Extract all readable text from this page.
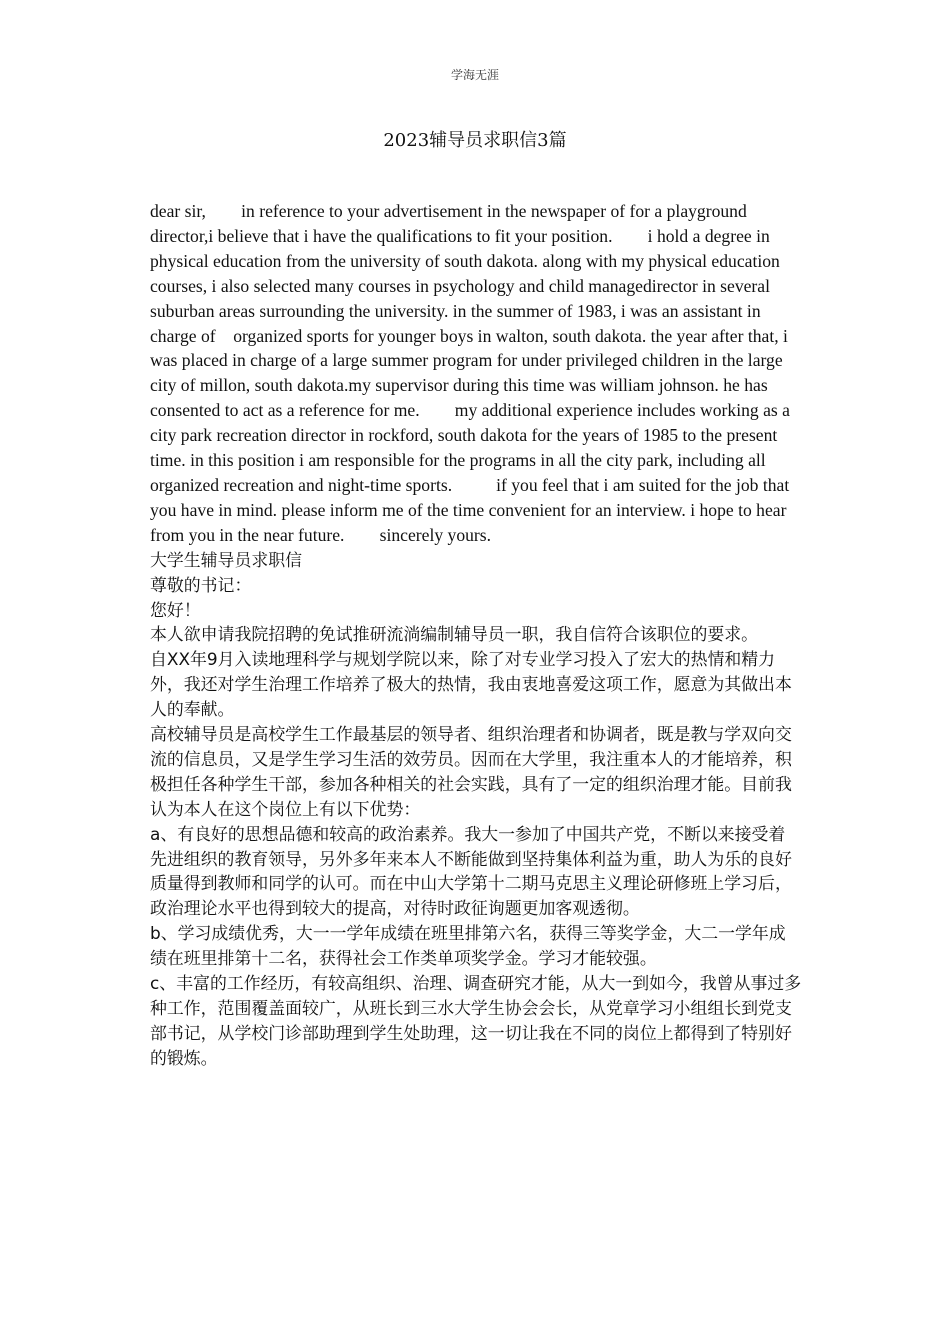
学海无涯
2023辅导员求职信3篇

dear sir,        in reference to your advertisement in the newspaper of for a playground director,i believe that i have the qualifications to fit your position.        i hold a degree in physical education from the university of south dakota. along with my physical education courses, i also selected many courses in psychology and child managedirector in several suburban areas surrounding the university. in the summer of 1983, i was an assistant in charge of    organized sports for younger boys in walton, south dakota. the year after that, i was placed in charge of a large summer program for under privileged children in the large city of millon, south dakota.my supervisor during this time was william johnson. he has consented to act as a reference for me.        my additional experience includes working as a city park recreation director in rockford, south dakota for the years of 1985 to the present time. in this position i am responsible for the programs in all the city park, including all organized recreation and night-time sports.          if you feel that i am suited for the job that you have in mind. please inform me of the time convenient for an interview. i hope to hear from you in the near future.        sincerely yours.

大学生辅导员求职信

尊敬的书记：

您好！

本人欲申请我院招聘的免试推研流淌编制辅导员一职，我自信符合该职位的要求。

自XX年9月入读地理科学与规划学院以来，除了对专业学习投入了宏大的热情和精力外，我还对学生治理工作培养了极大的热情，我由衷地喜爱这项工作，愿意为其做出本人的奉献。

高校辅导员是高校学生工作最基层的领导者、组织治理者和协调者，既是教与学双向交流的信息员，又是学生学习生活的效劳员。因而在大学里，我注重本人的才能培养，积极担任各种学生干部，参加各种相关的社会实践，具有了一定的组织治理才能。目前我认为本人在这个岗位上有以下优势：

a、有良好的思想品德和较高的政治素养。我大一参加了中国共产党，不断以来接受着先进组织的教育领导，另外多年来本人不断能做到坚持集体利益为重，助人为乐的良好质量得到教师和同学的认可。而在中山大学第十二期马克思主义理论研修班上学习后，政治理论水平也得到较大的提高，对待时政征询题更加客观透彻。

b、学习成绩优秀，大一一学年成绩在班里排第六名，获得三等奖学金，大二一学年成绩在班里排第十二名，获得社会工作类单项奖学金。学习才能较强。

c、丰富的工作经历，有较高组织、治理、调查研究才能，从大一到如今，我曾从事过多种工作，范围覆盖面较广，从班长到三水大学生协会会长，从党章学习小组组长到党支部书记，从学校门诊部助理到学生处助理，这一切让我在不同的岗位上都得到了特别好的锻炼。
